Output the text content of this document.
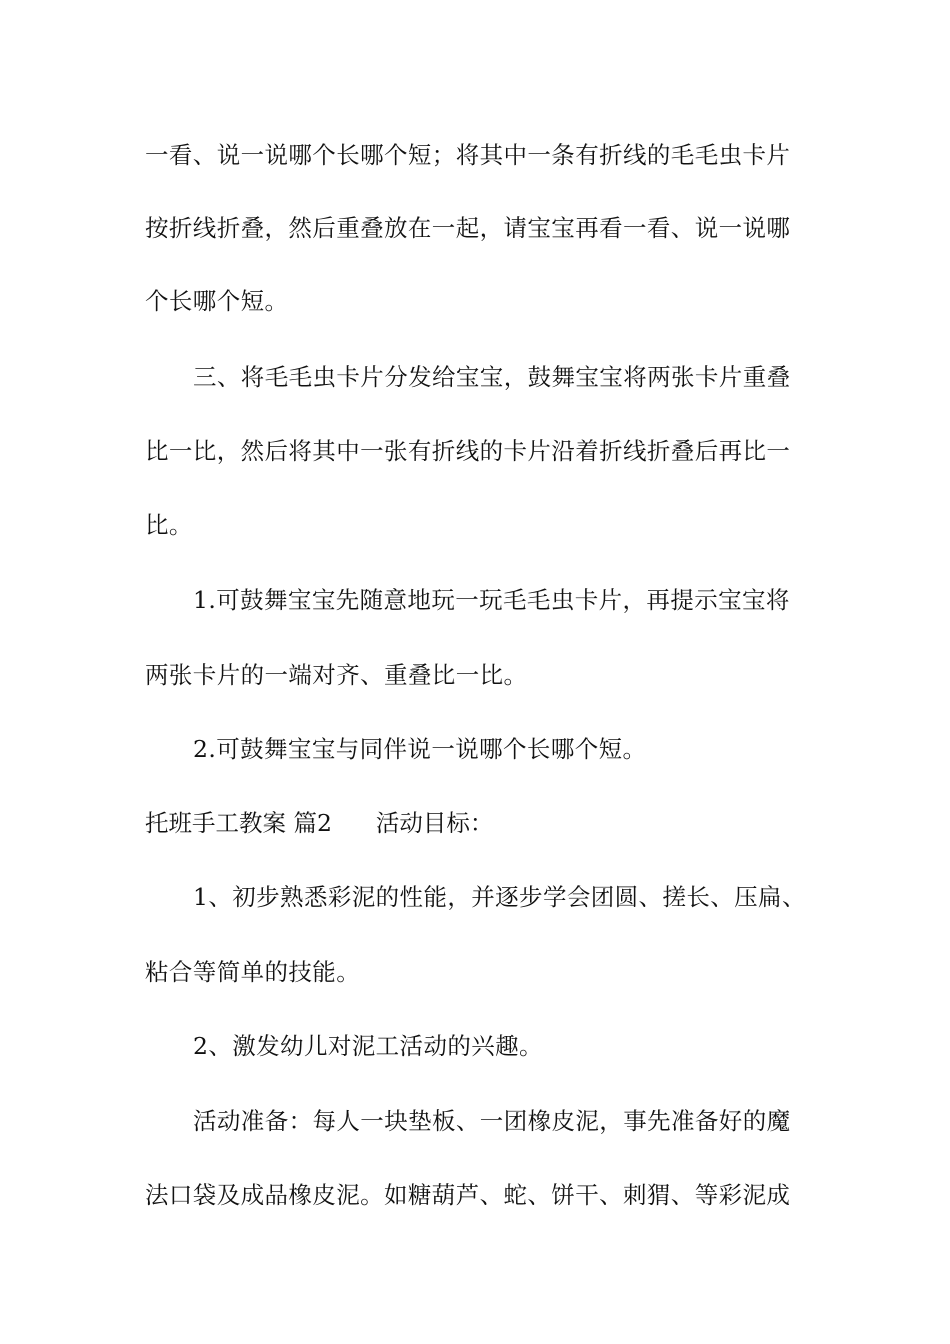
一看、说一说哪个长哪个短；将其中一条有折线的毛毛虫卡片
按折线折叠，然后重叠放在一起，请宝宝再看一看、说一说哪
个长哪个短。
三、将毛毛虫卡片分发给宝宝，鼓舞宝宝将两张卡片重叠
比一比，然后将其中一张有折线的卡片沿着折线折叠后再比一
比。
1.可鼓舞宝宝先随意地玩一玩毛毛虫卡片，再提示宝宝将
两张卡片的一端对齐、重叠比一比。
2.可鼓舞宝宝与同伴说一说哪个长哪个短。
托班手工教案 篇2 活动目标：
1、初步熟悉彩泥的性能，并逐步学会团圆、搓长、压扁、
粘合等简单的技能。
2、激发幼儿对泥工活动的兴趣。
活动准备：每人一块垫板、一团橡皮泥，事先准备好的魔
法口袋及成品橡皮泥。如糖葫芦、蛇、饼干、刺猬、等彩泥成
